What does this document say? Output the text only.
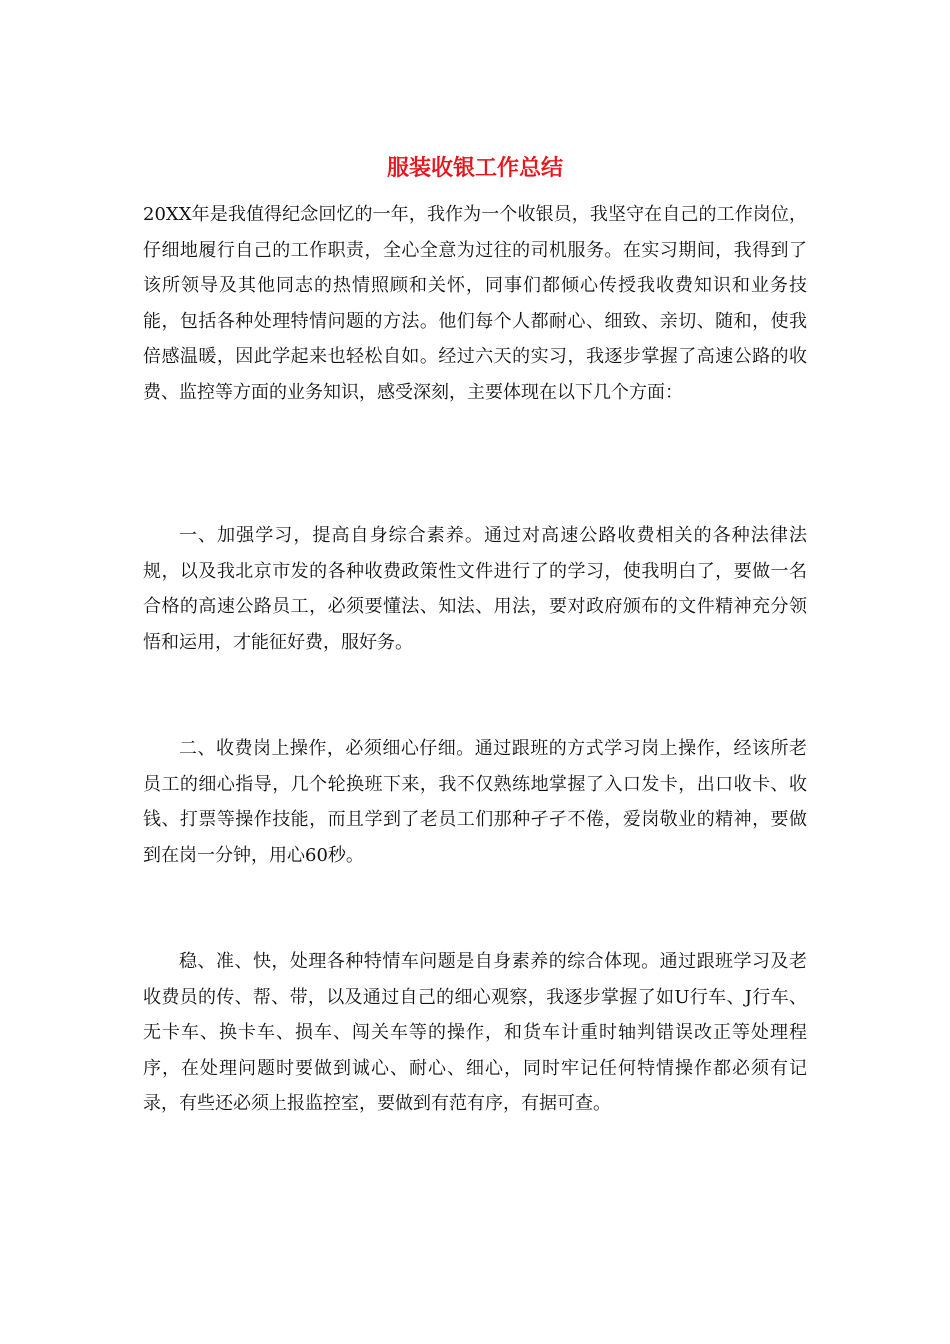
服装收银工作总结

20XX年是我值得纪念回忆的一年，我作为一个收银员，我坚守在自己的工作岗位，仔细地履行自己的工作职责，全心全意为过往的司机服务。在实习期间，我得到了该所领导及其他同志的热情照顾和关怀，同事们都倾心传授我收费知识和业务技能，包括各种处理特情问题的方法。他们每个人都耐心、细致、亲切、随和，使我倍感温暖，因此学起来也轻松自如。经过六天的实习，我逐步掌握了高速公路的收费、监控等方面的业务知识，感受深刻，主要体现在以下几个方面：

一、加强学习，提高自身综合素养。通过对高速公路收费相关的各种法律法规，以及我北京市发的各种收费政策性文件进行了的学习，使我明白了，要做一名合格的高速公路员工，必须要懂法、知法、用法，要对政府颁布的文件精神充分领悟和运用，才能征好费，服好务。

二、收费岗上操作，必须细心仔细。通过跟班的方式学习岗上操作，经该所老员工的细心指导，几个轮换班下来，我不仅熟练地掌握了入口发卡，出口收卡、收钱、打票等操作技能，而且学到了老员工们那种孑孑不倦，爱岗敬业的精神，要做到在岗一分钟，用心60秒。

稳、准、快，处理各种特情车问题是自身素养的综合体现。通过跟班学习及老收费员的传、帮、带，以及通过自己的细心观察，我逐步掌握了如U行车、J行车、无卡车、换卡车、损车、闯关车等的操作，和货车计重时轴判错误改正等处理程序，在处理问题时要做到诚心、耐心、细心，同时牢记任何特情操作都必须有记录，有些还必须上报监控室，要做到有范有序，有据可查。
